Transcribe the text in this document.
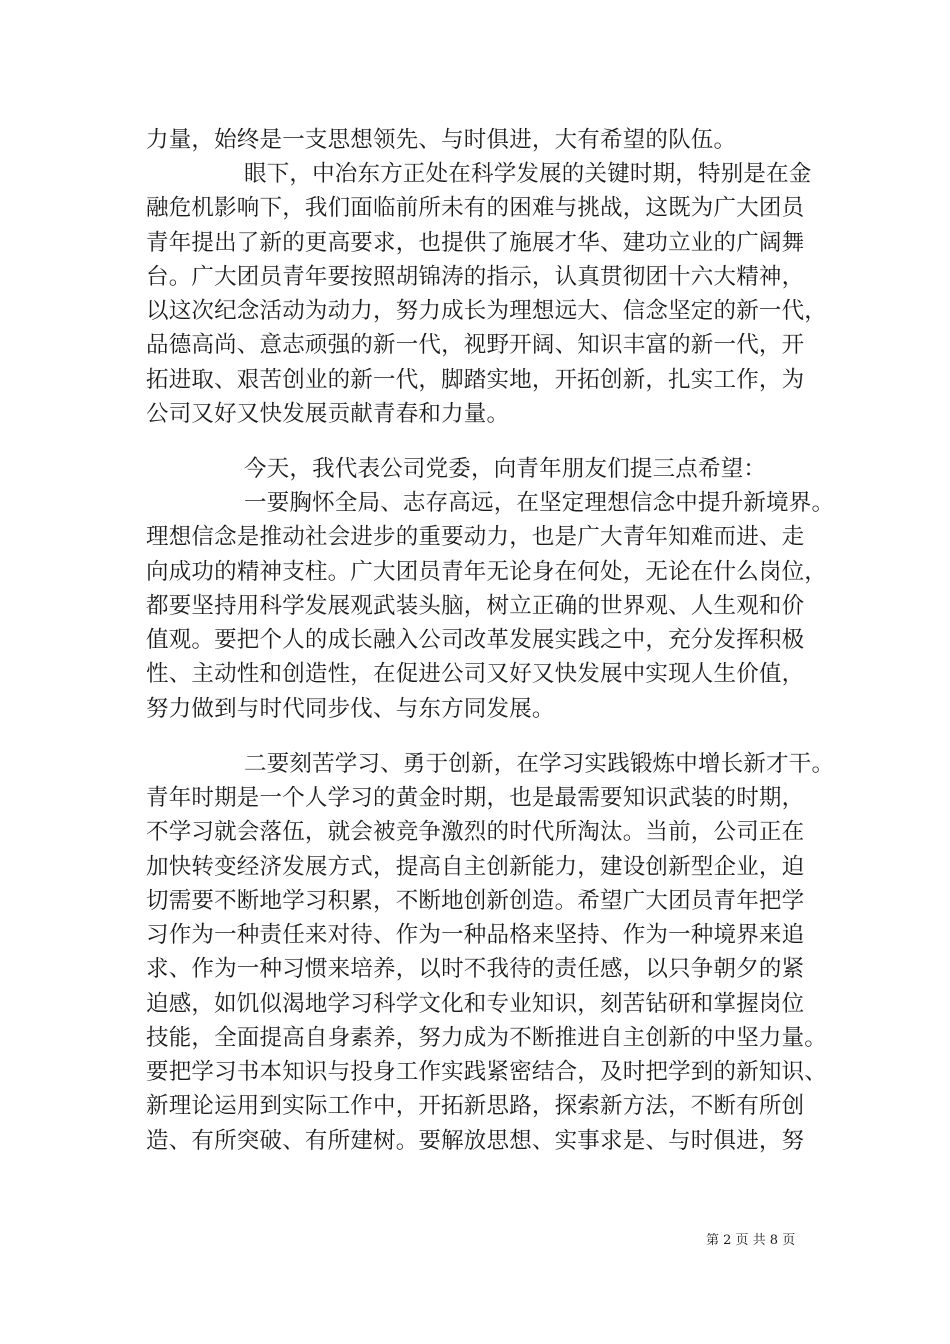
力量，始终是一支思想领先、与时俱进，大有希望的队伍。
眼下，中冶东方正处在科学发展的关键时期，特别是在金
融危机影响下，我们面临前所未有的困难与挑战，这既为广大团员
青年提出了新的更高要求，也提供了施展才华、建功立业的广阔舞
台。广大团员青年要按照胡锦涛的指示，认真贯彻团十六大精神，
以这次纪念活动为动力，努力成长为理想远大、信念坚定的新一代，
品德高尚、意志顽强的新一代，视野开阔、知识丰富的新一代，开
拓进取、艰苦创业的新一代，脚踏实地，开拓创新，扎实工作，为
公司又好又快发展贡献青春和力量。
今天，我代表公司党委，向青年朋友们提三点希望：
一要胸怀全局、志存高远，在坚定理想信念中提升新境界。
理想信念是推动社会进步的重要动力，也是广大青年知难而进、走
向成功的精神支柱。广大团员青年无论身在何处，无论在什么岗位，
都要坚持用科学发展观武装头脑，树立正确的世界观、人生观和价
值观。要把个人的成长融入公司改革发展实践之中，充分发挥积极
性、主动性和创造性，在促进公司又好又快发展中实现人生价值，
努力做到与时代同步伐、与东方同发展。
二要刻苦学习、勇于创新，在学习实践锻炼中增长新才干。
青年时期是一个人学习的黄金时期，也是最需要知识武装的时期，
不学习就会落伍，就会被竞争激烈的时代所淘汰。当前，公司正在
加快转变经济发展方式，提高自主创新能力，建设创新型企业，迫
切需要不断地学习积累，不断地创新创造。希望广大团员青年把学
习作为一种责任来对待、作为一种品格来坚持、作为一种境界来追
求、作为一种习惯来培养，以时不我待的责任感，以只争朝夕的紧
迫感，如饥似渴地学习科学文化和专业知识，刻苦钻研和掌握岗位
技能，全面提高自身素养，努力成为不断推进自主创新的中坚力量。
要把学习书本知识与投身工作实践紧密结合，及时把学到的新知识、
新理论运用到实际工作中，开拓新思路，探索新方法，不断有所创
造、有所突破、有所建树。要解放思想、实事求是、与时俱进，努
第 2 页 共 8 页
